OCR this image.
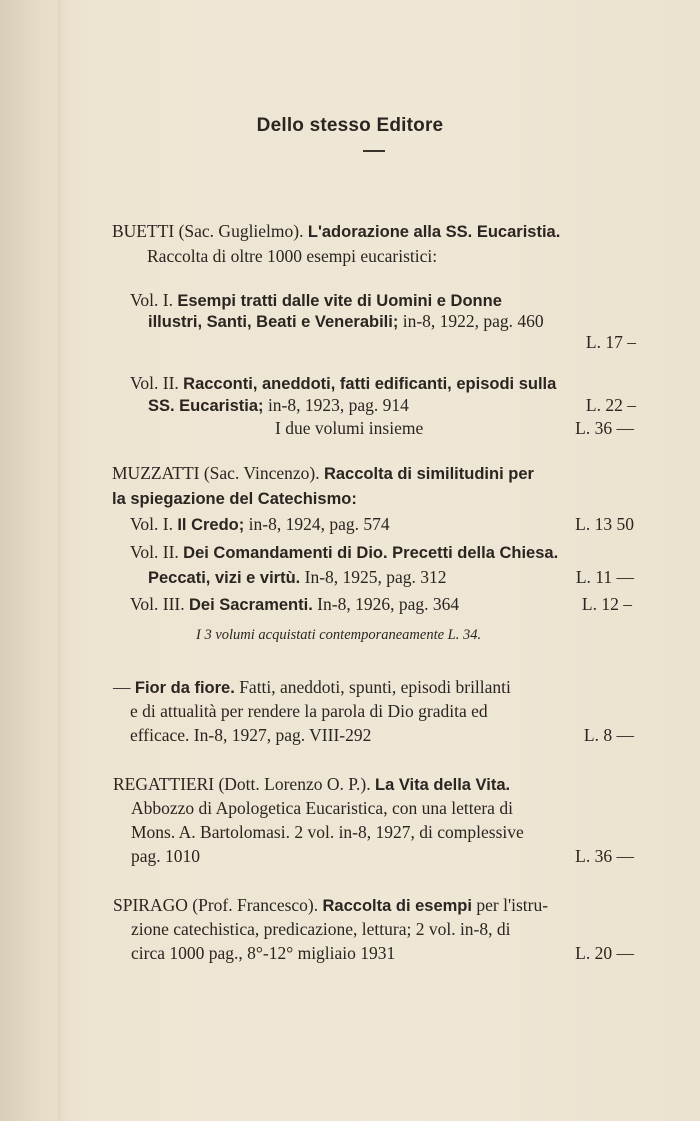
Dello stesso Editore
BUETTI (Sac. Guglielmo). L'adorazione alla SS. Eucaristia.
Raccolta di oltre 1000 esempi eucaristici:
Vol. I. Esempi tratti dalle vite di Uomini e Donne
illustri, Santi, Beati e Venerabili; in-8, 1922, pag. 460
L. 17 –
Vol. II. Racconti, aneddoti, fatti edificanti, episodi sulla
SS. Eucaristia; in-8, 1923, pag. 914	L. 22 –
I due volumi insieme	L. 36 —
MUZZATTI (Sac. Vincenzo). Raccolta di similitudini per
la spiegazione del Catechismo:
Vol. I. Il Credo; in-8, 1924, pag. 574	L. 13 50
Vol. II. Dei Comandamenti di Dio. Precetti della Chiesa.
Peccati, vizi e virtù. In-8, 1925, pag. 312	L. 11 —
Vol. III. Dei Sacramenti. In-8, 1926, pag. 364	L. 12 –
I 3 volumi acquistati contemporaneamente L. 34.
— Fior da fiore. Fatti, aneddoti, spunti, episodi brillanti
e di attualità per rendere la parola di Dio gradita ed
efficace. In-8, 1927, pag. VIII-292	L. 8 —
REGATTIERI (Dott. Lorenzo O. P.). La Vita della Vita.
Abbozzo di Apologetica Eucaristica, con una lettera di
Mons. A. Bartolomasi. 2 vol. in-8, 1927, di complessive
pag. 1010	L. 36 —
SPIRAGO (Prof. Francesco). Raccolta di esempi per l'istru-
zione catechistica, predicazione, lettura; 2 vol. in-8, di
circa 1000 pag., 8°-12° migliaio 1931	L. 20 —
